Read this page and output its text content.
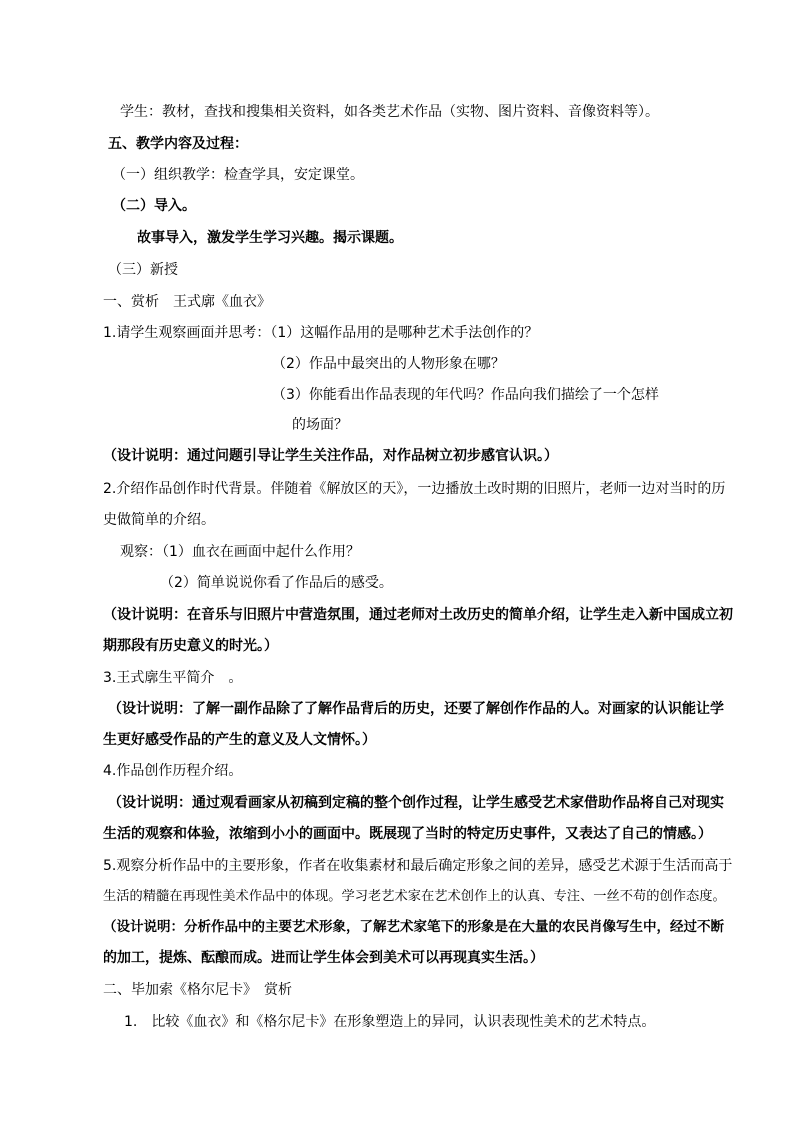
学生：教材，查找和搜集相关资料，如各类艺术作品（实物、图片资料、音像资料等）。
五、教学内容及过程：
（一）组织教学：检查学具，安定课堂。
（二）导入。
故事导入，激发学生学习兴趣。揭示课题。
（三）新授
一、赏析　王式廓《血衣》
1.请学生观察画面并思考：（1）这幅作品用的是哪种艺术手法创作的？
（2）作品中最突出的人物形象在哪？
（3）你能看出作品表现的年代吗？作品向我们描绘了一个怎样
的场面？
（设计说明：通过问题引导让学生关注作品，对作品树立初步感官认识。）
2.介绍作品创作时代背景。伴随着《解放区的天》，一边播放土改时期的旧照片，老师一边对当时的历
史做简单的介绍。
观察：（1）血衣在画面中起什么作用？
（2）简单说说你看了作品后的感受。
（设计说明：在音乐与旧照片中营造氛围，通过老师对土改历史的简单介绍，让学生走入新中国成立初
期那段有历史意义的时光。）
3.王式廓生平简介　。
（设计说明：了解一副作品除了了解作品背后的历史，还要了解创作作品的人。对画家的认识能让学
生更好感受作品的产生的意义及人文情怀。）
4.作品创作历程介绍。
（设计说明：通过观看画家从初稿到定稿的整个创作过程，让学生感受艺术家借助作品将自己对现实
生活的观察和体验，浓缩到小小的画面中。既展现了当时的特定历史事件，又表达了自己的情感。）
5.观察分析作品中的主要形象，作者在收集素材和最后确定形象之间的差异，感受艺术源于生活而高于
生活的精髓在再现性美术作品中的体现。学习老艺术家在艺术创作上的认真、专注、一丝不苟的创作态度。
（设计说明：分析作品中的主要艺术形象，了解艺术家笔下的形象是在大量的农民肖像写生中，经过不断
的加工，提炼、酝酿而成。进而让学生体会到美术可以再现真实生活。）
二、毕加索《格尔尼卡》　赏析
1.　比较《血衣》和《格尔尼卡》在形象塑造上的异同，认识表现性美术的艺术特点。
